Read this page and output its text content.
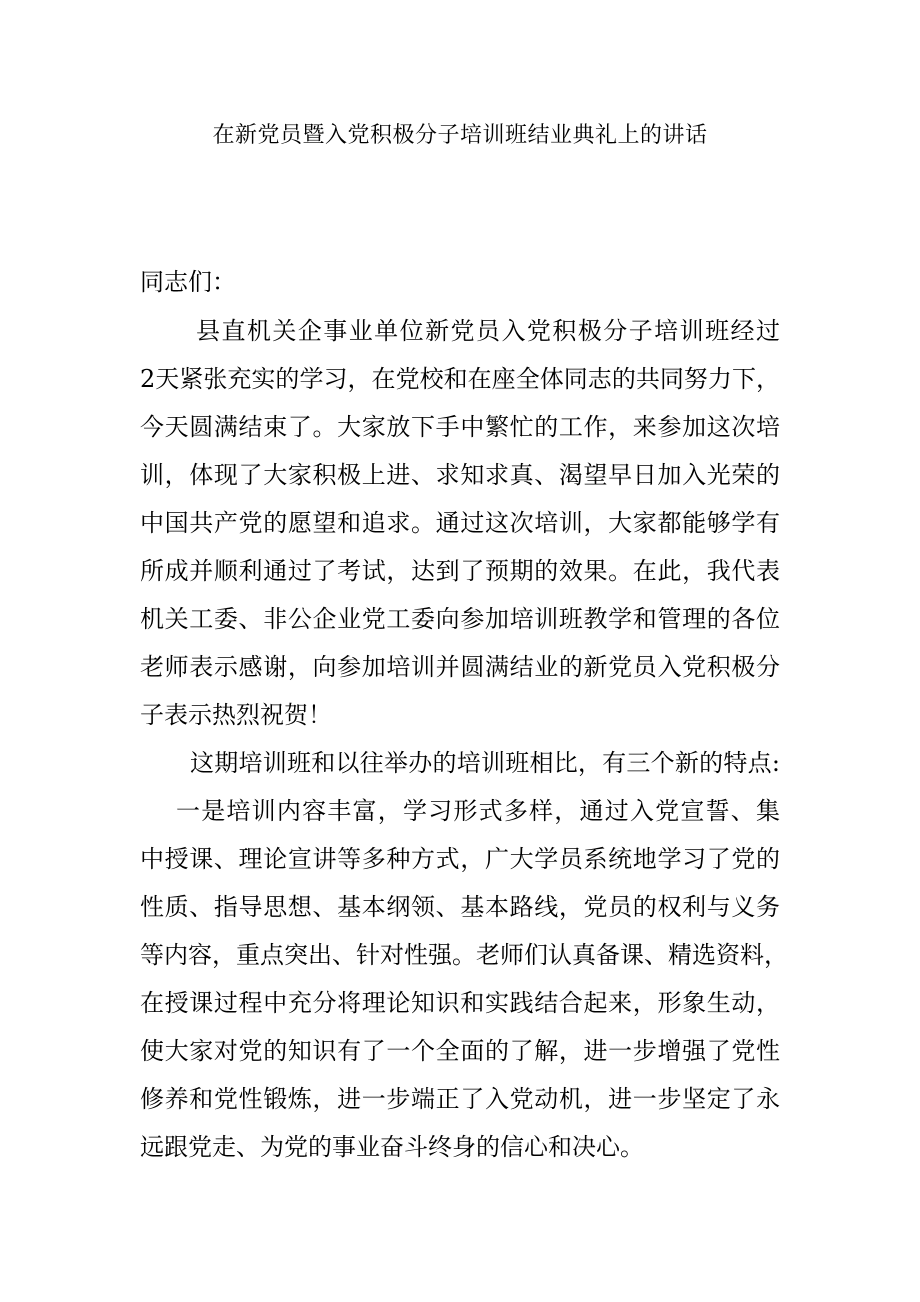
在新党员暨入党积极分子培训班结业典礼上的讲话
同志们：
县直机关企事业单位新党员入党积极分子培训班经过
2天紧张充实的学习，在党校和在座全体同志的共同努力下，
今天圆满结束了。大家放下手中繁忙的工作，来参加这次培
训，体现了大家积极上进、求知求真、渴望早日加入光荣的
中国共产党的愿望和追求。通过这次培训，大家都能够学有
所成并顺利通过了考试，达到了预期的效果。在此，我代表
机关工委、非公企业党工委向参加培训班教学和管理的各位
老师表示感谢，向参加培训并圆满结业的新党员入党积极分
子表示热烈祝贺！
这期培训班和以往举办的培训班相比，有三个新的特点:
一是培训内容丰富，学习形式多样，通过入党宣誓、集
中授课、理论宣讲等多种方式，广大学员系统地学习了党的
性质、指导思想、基本纲领、基本路线，党员的权利与义务
等内容，重点突出、针对性强。老师们认真备课、精选资料，
在授课过程中充分将理论知识和实践结合起来，形象生动，
使大家对党的知识有了一个全面的了解，进一步增强了党性
修养和党性锻炼，进一步端正了入党动机，进一步坚定了永
远跟党走、为党的事业奋斗终身的信心和决心。
